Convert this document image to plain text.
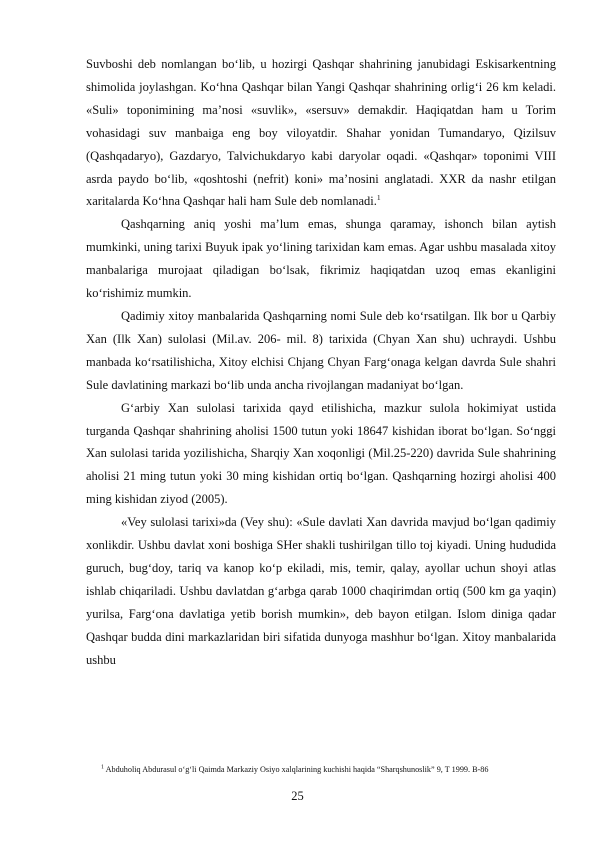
Suvboshi deb nomlangan bo‘lib, u hozirgi Qashqar shahrining janubidagi Eskisarkentning shimolida joylashgan. Ko‘hna Qashqar bilan Yangi Qashqar shahrining orlig‘i 26 km keladi. «Suli» toponimining ma’nosi «suvlik», «sersuv» demakdir. Haqiqatdan ham u Torim vohasidagi suv manbaiga eng boy viloyatdir. Shahar yonidan Tumandaryo, Qizilsuv (Qashqadaryo), Gazdaryo, Talvichukdaryo kabi daryolar oqadi. «Qashqar» toponimi VIII asrda paydo bo‘lib, «qoshtoshi (nefrit) koni» ma’nosini anglatadi. XXR da nashr etilgan xaritalarda Ko‘hna Qashqar hali ham Sule deb nomlanadi.$^1$

Qashqarning aniq yoshi ma’lum emas, shunga qaramay, ishonch bilan aytish mumkinki, uning tarixi Buyuk ipak yo‘lining tarixidan kam emas. Agar ushbu masalada xitoy manbalariga murojaat qiladigan bo‘lsak, fikrimiz haqiqatdan uzoq emas ekanligini ko‘rishimiz mumkin.

Qadimiy xitoy manbalarida Qashqarning nomi Sule deb ko‘rsatilgan. Ilk bor u Qarbiy Xan (Ilk Xan) sulolasi (Mil.av. 206- mil. 8) tarixida (Chyan Xan shu) uchraydi. Ushbu manbada ko‘rsatilishicha, Xitoy elchisi Chjang Chyan Farg‘onaga kelgan davrda Sule shahri Sule davlatining markazi bo‘lib unda ancha rivojlangan madaniyat bo‘lgan.

G‘arbiy Xan sulolasi tarixida qayd etilishicha, mazkur sulola hokimiyat ustida turganda Qashqar shahrining aholisi 1500 tutun yoki 18647 kishidan iborat bo‘lgan. So‘nggi Xan sulolasi tarida yozilishicha, Sharqiy Xan xoqonligi (Mil.25-220) davrida Sule shahrining aholisi 21 ming tutun yoki 30 ming kishidan ortiq bo‘lgan. Qashqarning hozirgi aholisi 400 ming kishidan ziyod (2005).

«Vey sulolasi tarixi»da (Vey shu): «Sule davlati Xan davrida mavjud bo‘lgan qadimiy xonlikdir. Ushbu davlat xoni boshiga SHer shakli tushirilgan tillo toj kiyadi. Uning hududida guruch, bug‘doy, tariq va kanop ko‘p ekiladi, mis, temir, qalay, ayollar uchun shoyi atlas ishlab chiqariladi. Ushbu davlatdan g‘arbga qarab 1000 chaqirimdan ortiq (500 km ga yaqin) yurilsa, Farg‘ona davlatiga yetib borish mumkin», deb bayon etilgan. Islom diniga qadar Qashqar budda dini markazlaridan biri sifatida dunyoga mashhur bo‘lgan. Xitoy manbalarida ushbu

$^1$ Abduholiq Abdurasul o‘g‘li Qaimda Markaziy Osiyo xalqlarining kuchishi haqida “Sharqshunoslik” 9, T 1999. B-86
25
